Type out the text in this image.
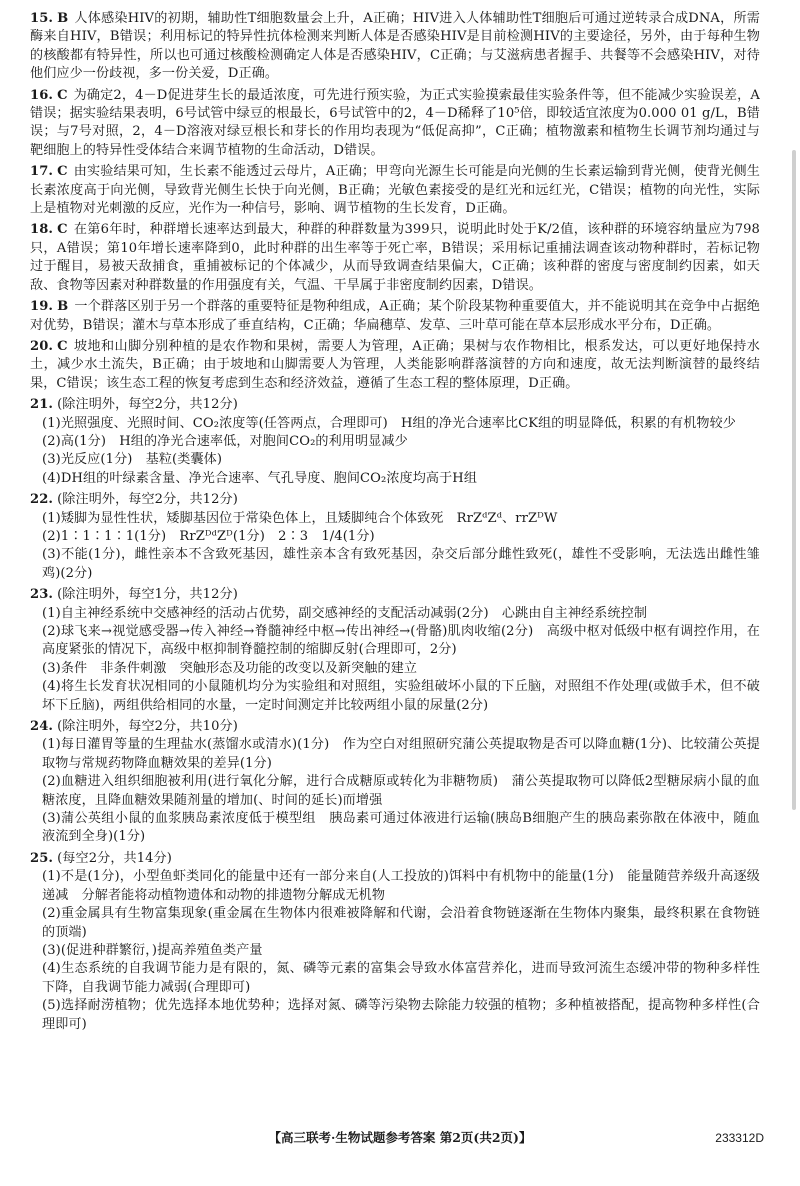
15. B 人体感染HIV的初期，辅助性T细胞数量会上升，A正确；HIV进入人体辅助性T细胞后可通过逆转录合成DNA，所需酶来自HIV，B错误；利用标记的特异性抗体检测来判断人体是否感染HIV是目前检测HIV的主要途径，另外，由于每种生物的核酸都有特异性，所以也可通过核酸检测确定人体是否感染HIV，C正确；与艾滋病患者握手、共餐等不会感染HIV，对待他们应少一份歧视，多一份关爱，D正确。
16. C 为确定2，4－D促进芽生长的最适浓度，可先进行预实验，为正式实验摸索最佳实验条件等，但不能减少实验误差，A错误；据实验结果表明，6号试管中绿豆的根最长，6号试管中的2，4－D稀释了10⁵倍，即较适宜浓度为0.000 01 g/L，B错误；与7号对照，2，4－D溶液对绿豆根长和芽长的作用均表现为“低促高抑”，C正确；植物激素和植物生长调节剂均通过与靶细胞上的特异性受体结合来调节植物的生命活动，D错误。
17. C 由实验结果可知，生长素不能透过云母片，A正确；甲弯向光源生长可能是向光侧的生长素运输到背光侧，使背光侧生长素浓度高于向光侧，导致背光侧生长快于向光侧，B正确；光敏色素接受的是红光和远红光，C错误；植物的向光性，实际上是植物对光刺激的反应，光作为一种信号，影响、调节植物的生长发育，D正确。
18. C 在第6年时，种群增长速率达到最大，种群的种群数量为399只，说明此时处于K/2值，该种群的环境容纳量应为798只，A错误；第10年增长速率降到0，此时种群的出生率等于死亡率，B错误；采用标记重捕法调查该动物种群时，若标记物过于醒目，易被天敌捕食，重捕被标记的个体减少，从而导致调查结果偏大，C正确；该种群的密度与密度制约因素，如天敌、食物等因素对种群数量的作用强度有关，气温、干旱属于非密度制约因素，D错误。
19. B 一个群落区别于另一个群落的重要特征是物种组成，A正确；某个阶段某物种重要值大，并不能说明其在竞争中占据绝对优势，B错误；灌木与草本形成了垂直结构，C正确；华扁穗草、发草、三叶草可能在草本层形成水平分布，D正确。
20. C 坡地和山脚分别种植的是农作物和果树，需要人为管理，A正确；果树与农作物相比，根系发达，可以更好地保持水土，减少水土流失，B正确；由于坡地和山脚需要人为管理，人类能影响群落演替的方向和速度，故无法判断演替的最终结果，C错误；该生态工程的恢复考虑到生态和经济效益，遵循了生态工程的整体原理，D正确。
21. (除注明外，每空2分，共12分)
(1)光照强度、光照时间、CO₂浓度等(任答两点，合理即可)　H组的净光合速率比CK组的明显降低，积累的有机物较少
(2)高(1分)　H组的净光合速率低，对胞间CO₂的利用明显减少
(3)光反应(1分)　基粒(类囊体)
(4)DH组的叶绿素含量、净光合速率、气孔导度、胞间CO₂浓度均高于H组
22. (除注明外，每空2分，共12分)
(1)矮脚为显性性状，矮脚基因位于常染色体上，且矮脚纯合个体致死　RrZᵈZᵈ、rrZᴰW
(2)1∶1∶1∶1(1分)　RrZᴰᵈZᴰ(1分)　2∶3　1/4(1分)
(3)不能(1分)，雌性亲本不含致死基因，雄性亲本含有致死基因，杂交后部分雌性致死(，雄性不受影响，无法选出雌性雏鸡)(2分)
23. (除注明外，每空1分，共12分)
(1)自主神经系统中交感神经的活动占优势，副交感神经的支配活动减弱(2分)　心跳由自主神经系统控制
(2)球飞来→视觉感受器→传入神经→脊髓神经中枢→传出神经→(骨骼)肌肉收缩(2分)　高级中枢对低级中枢有调控作用，在高度紧张的情况下，高级中枢抑制脊髓控制的缩脚反射(合理即可，2分)
(3)条件　非条件刺激　突触形态及功能的改变以及新突触的建立
(4)将生长发育状况相同的小鼠随机均分为实验组和对照组，实验组破坏小鼠的下丘脑，对照组不作处理(或做手术，但不破坏下丘脑)，两组供给相同的水量，一定时间测定并比较两组小鼠的尿量(2分)
24. (除注明外，每空2分，共10分)
(1)每日灌胃等量的生理盐水(蒸馏水或清水)(1分)　作为空白对组照研究蒲公英提取物是否可以降血糖(1分)、比较蒲公英提取物与常规药物降血糖效果的差异(1分)
(2)血糖进入组织细胞被利用(进行氧化分解，进行合成糖原或转化为非糖物质)　蒲公英提取物可以降低2型糖尿病小鼠的血糖浓度，且降血糖效果随剂量的增加(、时间的延长)而增强
(3)蒲公英组小鼠的血浆胰岛素浓度低于模型组　胰岛素可通过体液进行运输(胰岛B细胞产生的胰岛素弥散在体液中，随血液流到全身)(1分)
25. (每空2分，共14分)
(1)不是(1分)，小型鱼虾类同化的能量中还有一部分来自(人工投放的)饵料中有机物中的能量(1分)　能量随营养级升高逐级递减　分解者能将动植物遗体和动物的排遗物分解成无机物
(2)重金属具有生物富集现象(重金属在生物体内很难被降解和代谢，会沿着食物链逐渐在生物体内聚集，最终积累在食物链的顶端)
(3)(促进种群繁衍，)提高养殖鱼类产量
(4)生态系统的自我调节能力是有限的，氮、磷等元素的富集会导致水体富营养化，进而导致河流生态缓冲带的物种多样性下降，自我调节能力减弱(合理即可)
(5)选择耐涝植物；优先选择本地优势种；选择对氮、磷等污染物去除能力较强的植物；多种植被搭配，提高物种多样性(合理即可)
【高三联考·生物试题参考答案 第2页(共2页)】	233312D
